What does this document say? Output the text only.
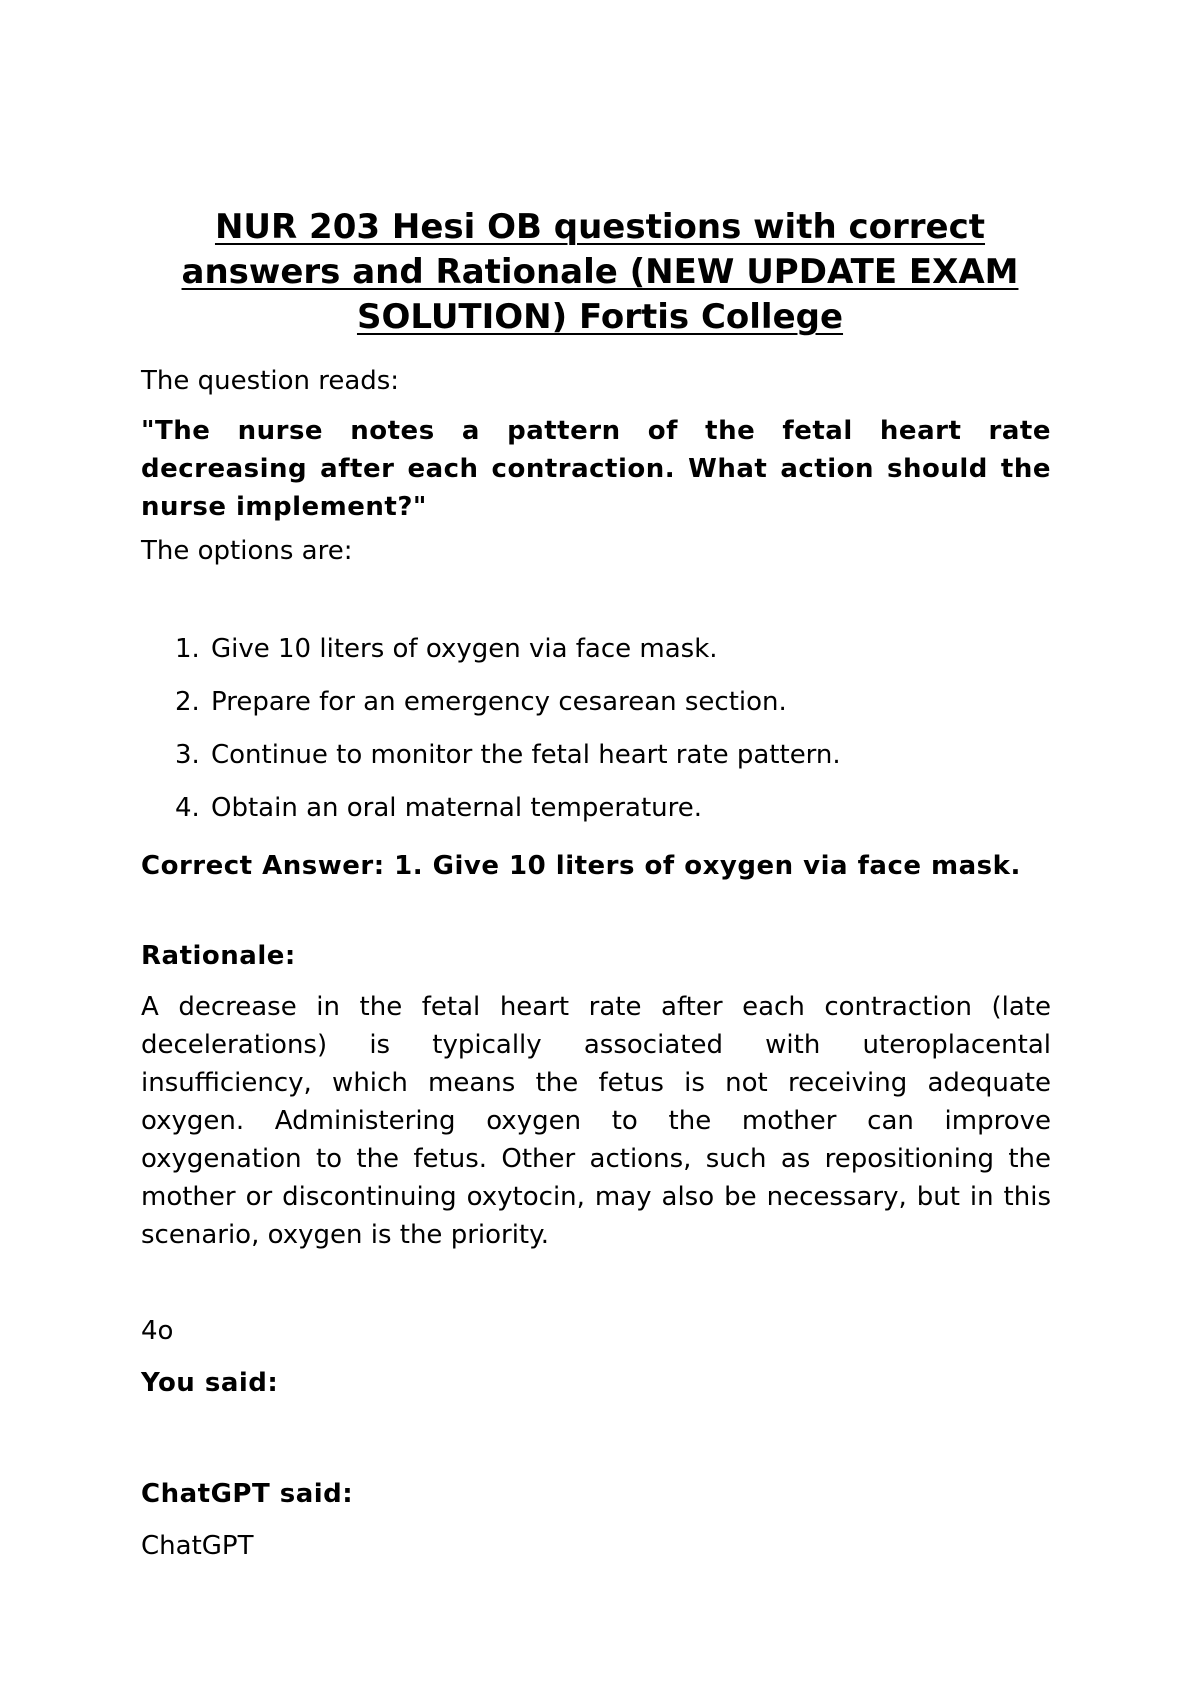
NUR 203 Hesi OB questions with correct answers and Rationale (NEW UPDATE EXAM SOLUTION) Fortis College

The question reads:

"The nurse notes a pattern of the fetal heart rate decreasing after each contraction. What action should the nurse implement?"

The options are:

1. Give 10 liters of oxygen via face mask.
2. Prepare for an emergency cesarean section.
3. Continue to monitor the fetal heart rate pattern.
4. Obtain an oral maternal temperature.

Correct Answer: 1. Give 10 liters of oxygen via face mask.

Rationale:

A decrease in the fetal heart rate after each contraction (late decelerations) is typically associated with uteroplacental insufficiency, which means the fetus is not receiving adequate oxygen. Administering oxygen to the mother can improve oxygenation to the fetus. Other actions, such as repositioning the mother or discontinuing oxytocin, may also be necessary, but in this scenario, oxygen is the priority.

4o

You said:

ChatGPT said:

ChatGPT
